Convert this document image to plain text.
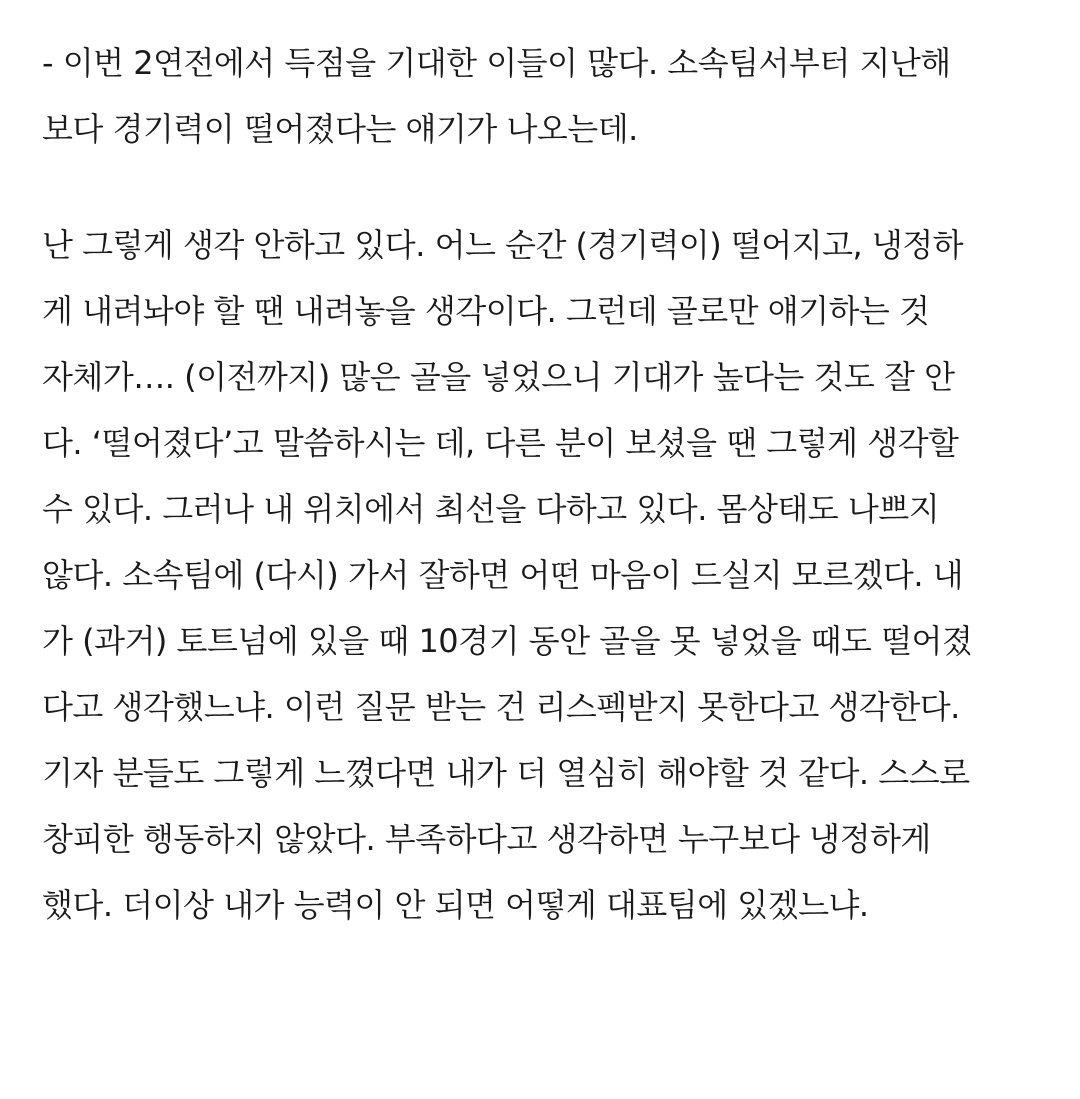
- 이번 2연전에서 득점을 기대한 이들이 많다. 소속팀서부터 지난해
보다 경기력이 떨어졌다는 얘기가 나오는데.

난 그렇게 생각 안하고 있다. 어느 순간 (경기력이) 떨어지고, 냉정하
게 내려놔야 할 땐 내려놓을 생각이다. 그런데 골로만 얘기하는 것
자체가…. (이전까지) 많은 골을 넣었으니 기대가 높다는 것도 잘 안
다. ‘떨어졌다’고 말씀하시는 데, 다른 분이 보셨을 땐 그렇게 생각할
수 있다. 그러나 내 위치에서 최선을 다하고 있다. 몸상태도 나쁘지
않다. 소속팀에 (다시) 가서 잘하면 어떤 마음이 드실지 모르겠다. 내
가 (과거) 토트넘에 있을 때 10경기 동안 골을 못 넣었을 때도 떨어졌
다고 생각했느냐. 이런 질문 받는 건 리스펙받지 못한다고 생각한다.
기자 분들도 그렇게 느꼈다면 내가 더 열심히 해야할 것 같다. 스스로
창피한 행동하지 않았다. 부족하다고 생각하면 누구보다 냉정하게
했다. 더이상 내가 능력이 안 되면 어떻게 대표팀에 있겠느냐.
